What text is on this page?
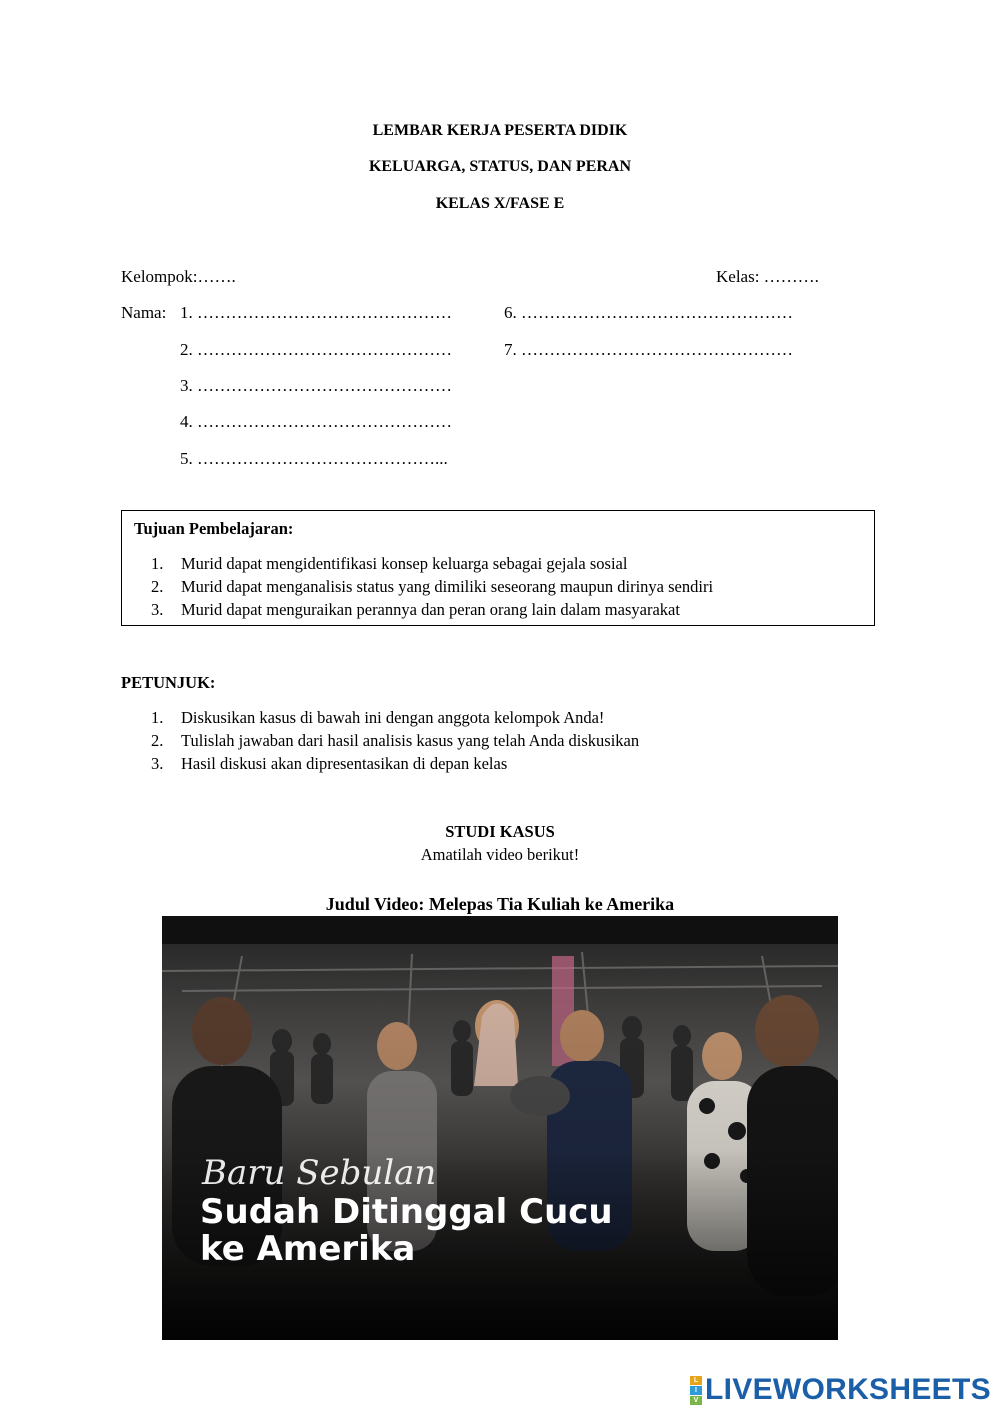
LEMBAR KERJA PESERTA DIDIK
KELUARGA, STATUS, DAN PERAN
KELAS X/FASE E
Kelompok:…….	Kelas: ……….
Nama: 1. ………………………………………
2. ………………………………………
3. ………………………………………
4. ………………………………………
5. ……………………………………...
6. …………………………………………
7. …………………………………………
Tujuan Pembelajaran:
1. Murid dapat mengidentifikasi konsep keluarga sebagai gejala sosial
2. Murid dapat menganalisis status yang dimiliki seseorang maupun dirinya sendiri
3. Murid dapat menguraikan perannya dan peran orang lain dalam masyarakat
PETUNJUK:
1. Diskusikan kasus di bawah ini dengan anggota kelompok Anda!
2. Tulislah jawaban dari hasil analisis kasus yang telah Anda diskusikan
3. Hasil diskusi akan dipresentasikan di depan kelas
STUDI KASUS
Amatilah video berikut!
Judul Video: Melepas Tia Kuliah ke Amerika
Baru Sebulan
Sudah Ditinggal Cucu
ke Amerika
L
I
V LIVEWORKSHEETS
